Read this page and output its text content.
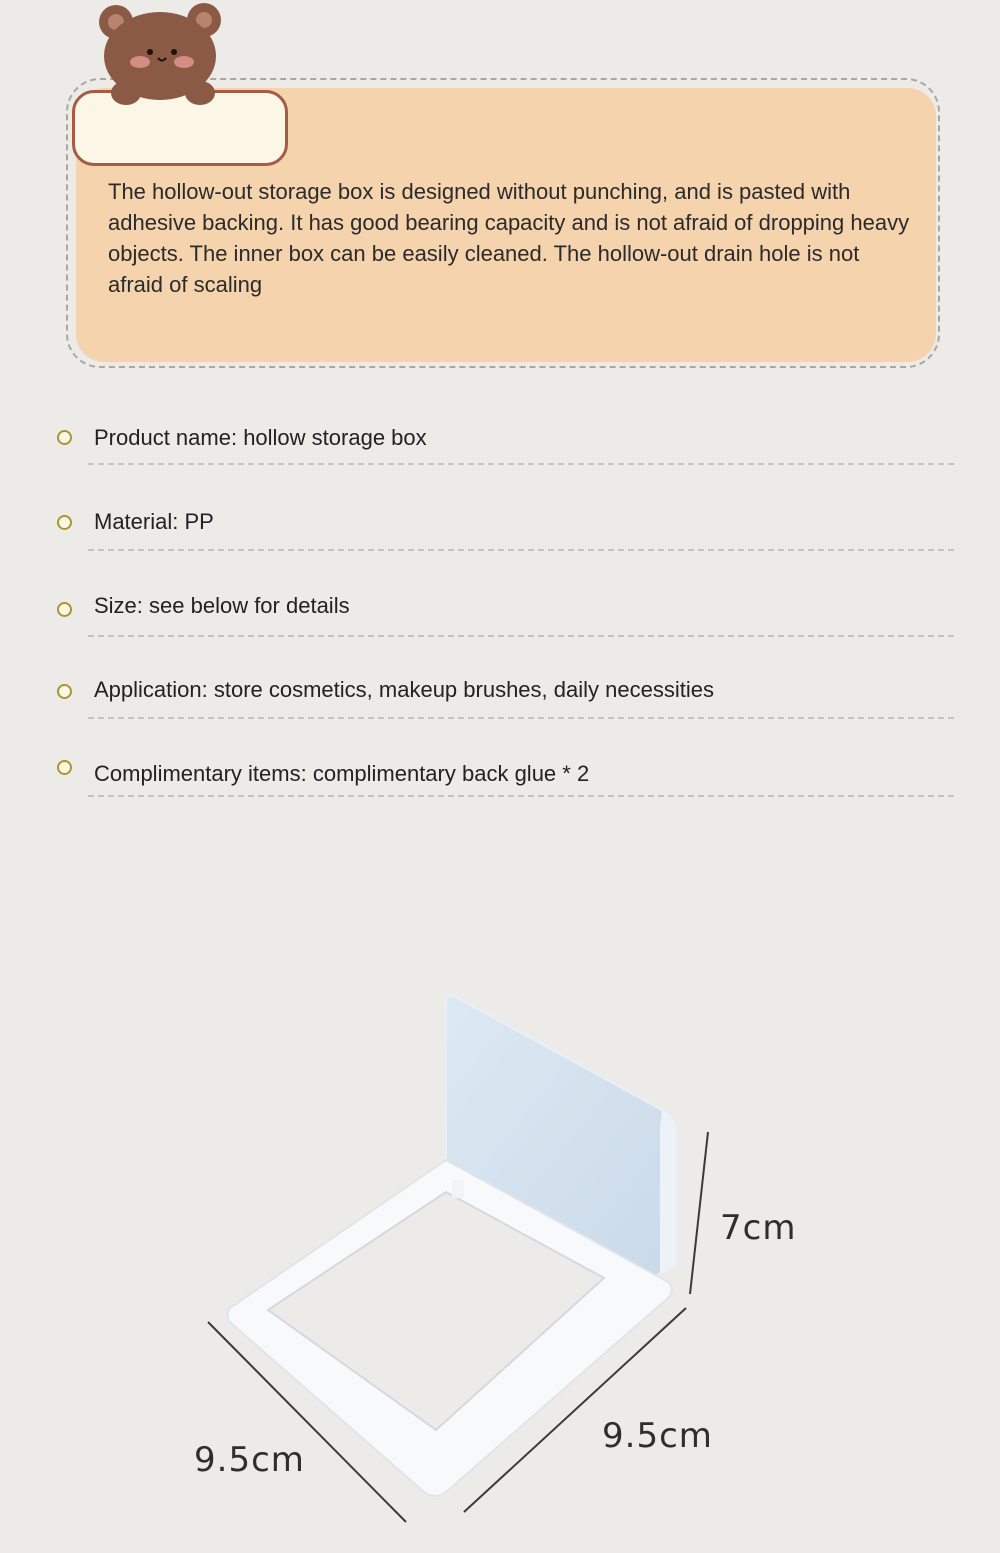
The hollow-out storage box is designed without punching, and is pasted with adhesive backing. It has good bearing capacity and is not afraid of dropping heavy objects. The inner box can be easily cleaned. The hollow-out drain hole is not afraid of scaling
Product name: hollow storage box
Material: PP
Size: see below for details
Application: store cosmetics, makeup brushes, daily necessities
Complimentary items: complimentary back glue * 2
7cm
9.5cm
9.5cm
